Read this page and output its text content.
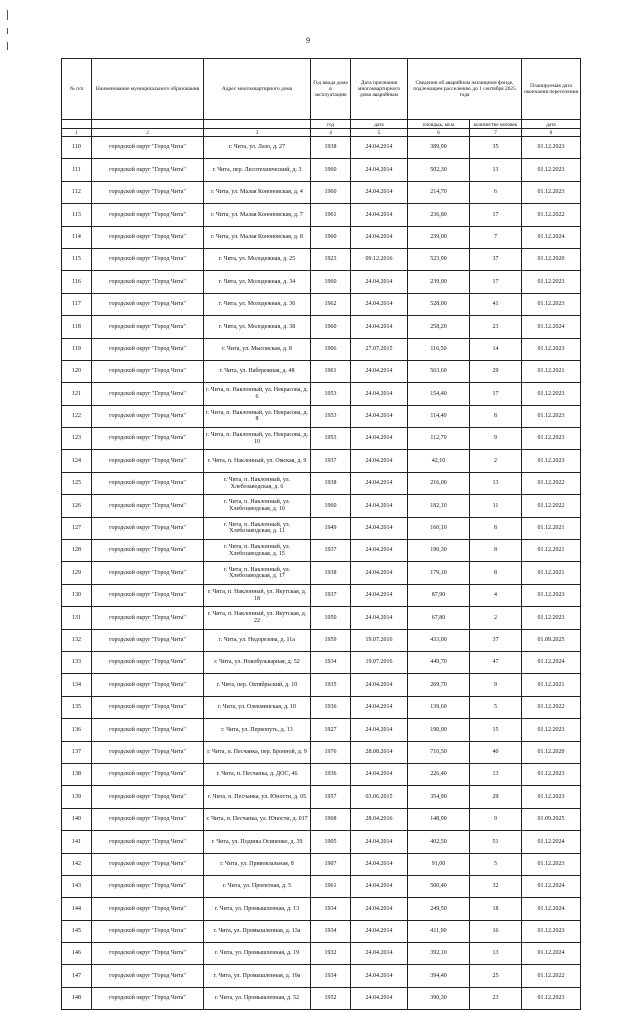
9
№ п/п	Наименование муниципального образования	Адрес многоквартирного дома	Год ввода дома в эксплуатацию	Дата признания многоквартирного дома аварийным	Сведения об аварийном жилищном фонде, подлежащем расселению до 1 сентября 2025 года		Планируемая дата окончания переселения
			год	дата	площадь, кв.м	количество человек	дата
1	2	3	4	5	6	7	8
110	городской округ "Город Чита"	г. Чита, ул. Лазо, д. 27	1938	24.04.2014	389,90	35	01.12.2023
111	городской округ "Город Чита"	г. Чита, пер. Лесотехнический, д. 3	1960	24.04.2014	502,30	13	01.12.2023
112	городской округ "Город Чита"	г. Чита, ул. Малая Кононовская, д. 4	1960	24.04.2014	214,70	6	01.12.2023
113	городской округ "Город Чита"	г. Чита, ул. Малая Кононовская, д. 7	1961	24.04.2014	236,80	17	01.12.2022
114	городской округ "Город Чита"	г. Чита, ул. Малая Кононовская, д. 8	1960	24.04.2014	239,00	7	01.12.2024
115	городской округ "Город Чита"	г. Чита, ул. Молодежная, д. 25	1923	09.12.2016	523,90	37	01.12.2020
116	городской округ "Город Чита"	г. Чита, ул. Молодежная, д. 34	1960	24.04.2014	239,00	17	01.12.2023
117	городской округ "Город Чита"	г. Чита, ул. Молодежная, д. 36	1962	24.04.2014	528,00	41	01.12.2023
118	городской округ "Город Чита"	г. Чита, ул. Молодежная, д. 38	1960	24.04.2014	258,20	23	01.12.2024
119	городской округ "Город Чита"	г. Чита, ул. Мысовская, д. 8	1906	27.07.2015	116,50	14	01.12.2023
120	городской округ "Город Чита"	г. Чита, ул. Набережная, д. 48	1961	24.04.2014	563,60	29	01.12.2021
121	городской округ "Город Чита"	г. Чита, п. Наклонный, ул. Некрасова, д. 6	1953	24.04.2014	154,40	17	01.12.2023
122	городской округ "Город Чита"	г. Чита, п. Наклонный, ул. Некрасова, д. 8	1953	24.04.2014	114,40	8	01.12.2023
123	городской округ "Город Чита"	г. Чита, п. Наклонный, ул. Некрасова, д. 10	1953	24.04.2014	112,79	9	01.12.2023
124	городской округ "Город Чита"	г. Чита, п. Наклонный, ул. Омская, д. 9	1937	24.04.2014	42,10	2	01.12.2023
125	городской округ "Город Чита"	г. Чита, п. Наклонный, ул. Хлебозаводская, д. 6	1938	24.04.2014	216,00	13	01.12.2022
126	городской округ "Город Чита"	г. Чита, п. Наклонный, ул. Хлебозаводская, д. 10	1960	24.04.2014	182,10	11	01.12.2022
127	городской округ "Город Чита"	г. Чита, п. Наклонный, ул. Хлебозаводская, д. 11	1949	24.04.2014	160,10	8	01.12.2021
128	городской округ "Город Чита"	г. Чита, п. Наклонный, ул. Хлебозаводская, д. 15	1937	24.04.2014	190,30	8	01.12.2021
129	городской округ "Город Чита"	г. Чита, п. Наклонный, ул. Хлебозаводская, д. 17	1938	24.04.2014	179,10	8	01.12.2021
130	городской округ "Город Чита"	г. Чита, п. Наклонный, ул. Якутская, д. 18	1937	24.04.2014	87,90	4	01.12.2023
131	городской округ "Город Чита"	г. Чита, п. Наклонный, ул. Якутская, д. 22	1950	24.04.2014	67,80	2	01.12.2023
132	городской округ "Город Чита"	г. Чита, ул. Недорезова, д. 11а	1959	19.07.2016	433,00	37	01.09.2025
133	городской округ "Город Чита"	г. Чита, ул. Новобульварная, д. 52	1934	19.07.2016	449,70	47	01.12.2024
134	городской округ "Город Чита"	г. Чита, пер. Октябрьский, д. 10	1935	24.04.2014	269,70	9	01.12.2021
135	городской округ "Город Чита"	г. Чита, ул. Олекминская, д. 10	1936	24.04.2014	139,60	5	01.12.2022
136	городской округ "Город Чита"	г. Чита, ул. Первопуть, д. 13	1927	24.04.2014	190,00	15	01.12.2023
137	городской округ "Город Чита"	г. Чита, п. Песчанка, пер. Бронной, д. 9	1976	28.08.2014	710,50	40	01.12.2020
138	городской округ "Город Чита"	г. Чита, п. Песчанка, д. ДОС, 46	1936	24.04.2014	226,40	13	01.12.2023
139	городской округ "Город Чита"	г. Чита, п. Песчанка, ул. Юности, д. 05	1957	03.06.2015	354,90	29	01.12.2023
140	городской округ "Город Чита"	г. Чита, п. Песчанка, ул. Юности, д. 017	1968	28.04.2016	148,90	9	01.09.2025
141	городской округ "Город Чита"	г. Чита, ул. Подины Осипенко, д. 39	1905	24.04.2014	402,50	51	01.12.2024
142	городской округ "Город Чита"	г. Чита, ул. Привокзальная, 8	1907	24.04.2014	91,00	5	01.12.2023
143	городской округ "Город Чита"	г. Чита, ул. Проектная, д. 5	1961	24.04.2014	500,40	32	01.12.2024
144	городской округ "Город Чита"	г. Чита, ул. Промышленная, д. 13	1934	24.04.2014	249,50	18	01.12.2024
145	городской округ "Город Чита"	г. Чита, ул. Промышленная, д. 13а	1934	24.04.2014	411,90	16	01.12.2023
146	городской округ "Город Чита"	г. Чита, ул. Промышленная, д. 19	1932	24.04.2014	392,10	13	01.12.2024
147	городской округ "Город Чита"	г. Чита, ул. Промышленная, д. 19а	1934	24.04.2014	394,40	25	01.12.2022
148	городской округ "Город Чита"	г. Чита, ул. Промышленная, д. 52	1952	24.04.2014	390,30	23	01.12.2023
